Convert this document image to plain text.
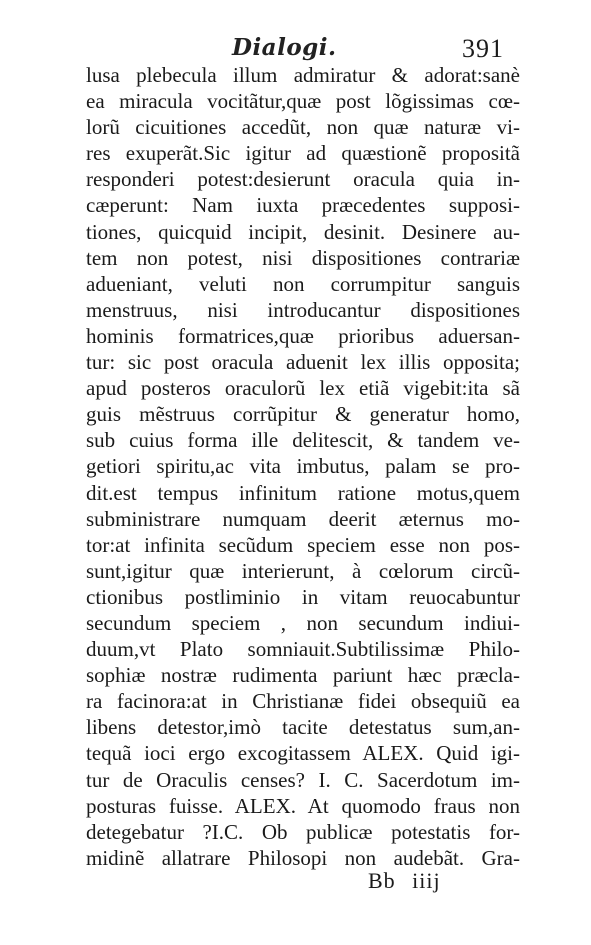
Dialogi.	391
lusa plebecula illum admiratur & adorat:sanè
ea miracula vocitãtur,quæ post lõgissimas cœ-
lorũ cicuitiones accedũt, non quæ naturæ vi-
res exuperãt.Sic igitur ad quæstionẽ propositã
responderi potest:desierunt oracula quia in-
cæperunt: Nam iuxta præcedentes supposi-
tiones, quicquid incipit, desinit. Desinere au-
tem non potest, nisi dispositiones contrariæ
adueniant, veluti non corrumpitur sanguis
menstruus, nisi introducantur dispositiones
hominis formatrices,quæ prioribus aduersan-
tur: sic post oracula aduenit lex illis opposita;
apud posteros oraculorũ lex etiã vigebit:ita sã
guis mẽstruus corrũpitur & generatur homo,
sub cuius forma ille delitescit, & tandem ve-
getiori spiritu,ac vita imbutus, palam se pro-
dit.est tempus infinitum ratione motus,quem
subministrare numquam deerit æternus mo-
tor:at infinita secũdum speciem esse non pos-
sunt,igitur quæ interierunt, à cœlorum circũ-
ctionibus postliminio in vitam reuocabuntur
secundum speciem , non secundum indiui-
duum,vt Plato somniauit.Subtilissimæ Philo-
sophiæ nostræ rudimenta pariunt hæc præcla-
ra facinora:at in Christianæ fidei obsequiũ ea
libens detestor,imò tacite detestatus sum,an-
tequã ioci ergo excogitassem ALEX. Quid igi-
tur de Oraculis censes? I. C. Sacerdotum im-
posturas fuisse. ALEX. At quomodo fraus non
detegebatur ?I.C. Ob publicæ potestatis for-
midinẽ allatrare Philosopi non audebãt. Gra-
Bb iiij
